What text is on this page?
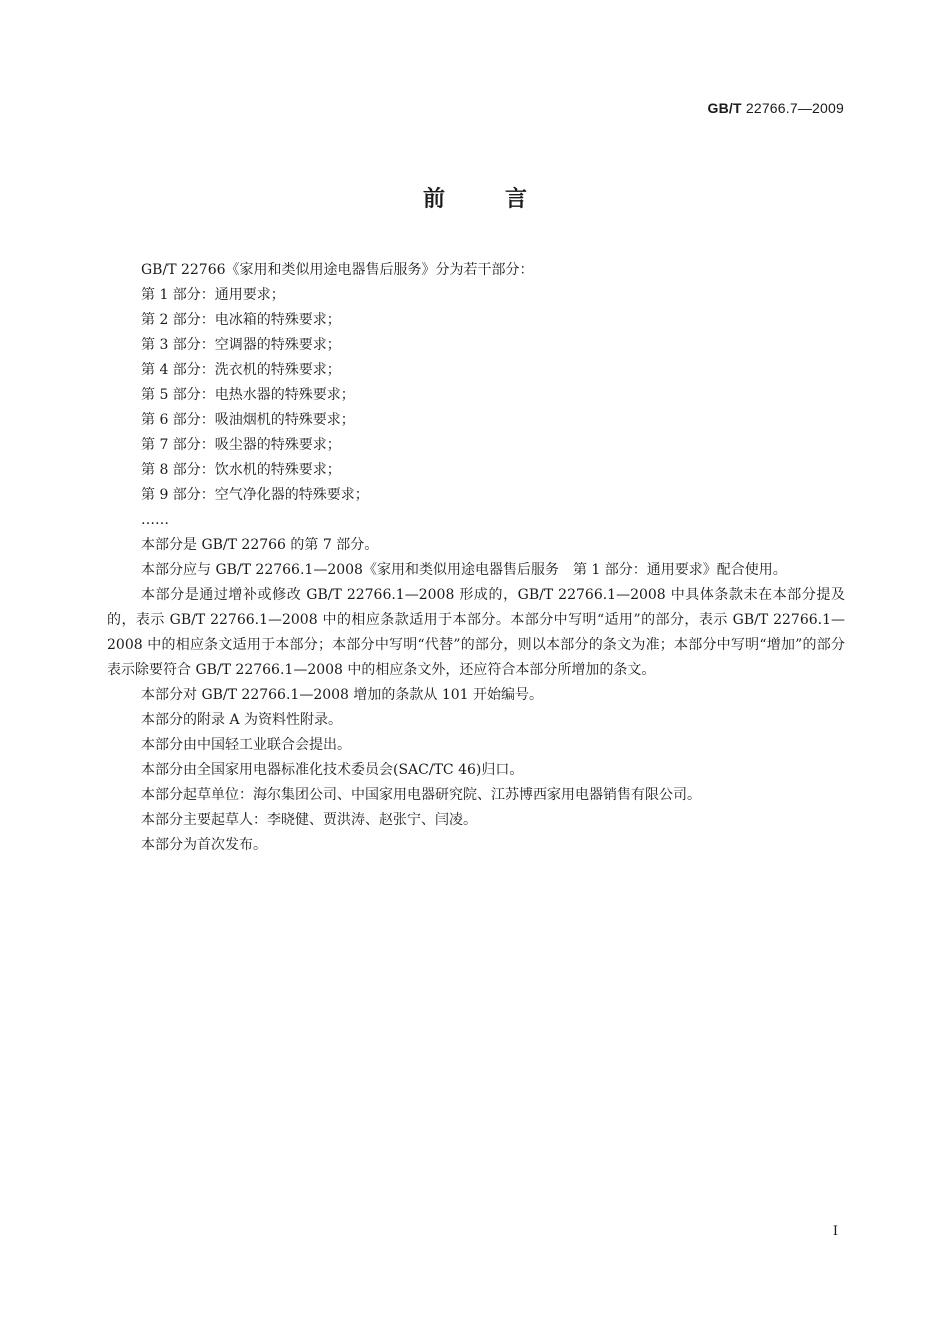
GB/T 22766.7—2009
前言

GB/T 22766《家用和类似用途电器售后服务》分为若干部分：

第 1 部分：通用要求；

第 2 部分：电冰箱的特殊要求；

第 3 部分：空调器的特殊要求；

第 4 部分：洗衣机的特殊要求；

第 5 部分：电热水器的特殊要求；

第 6 部分：吸油烟机的特殊要求；

第 7 部分：吸尘器的特殊要求；

第 8 部分：饮水机的特殊要求；

第 9 部分：空气净化器的特殊要求；

……

本部分是 GB/T 22766 的第 7 部分。

本部分应与 GB/T 22766.1—2008《家用和类似用途电器售后服务　第 1 部分：通用要求》配合使用。

本部分是通过增补或修改 GB/T 22766.1—2008 形成的，GB/T 22766.1—2008 中具体条款未在本部分提及的，表示 GB/T 22766.1—2008 中的相应条款适用于本部分。本部分中写明“适用”的部分，表示 GB/T 22766.1—2008 中的相应条文适用于本部分；本部分中写明“代替”的部分，则以本部分的条文为准；本部分中写明“增加”的部分表示除要符合 GB/T 22766.1—2008 中的相应条文外，还应符合本部分所增加的条文。

本部分对 GB/T 22766.1—2008 增加的条款从 101 开始编号。

本部分的附录 A 为资料性附录。

本部分由中国轻工业联合会提出。

本部分由全国家用电器标准化技术委员会(SAC/TC 46)归口。

本部分起草单位：海尔集团公司、中国家用电器研究院、江苏博西家用电器销售有限公司。

本部分主要起草人：李晓健、贾洪涛、赵张宁、闫凌。

本部分为首次发布。

I
